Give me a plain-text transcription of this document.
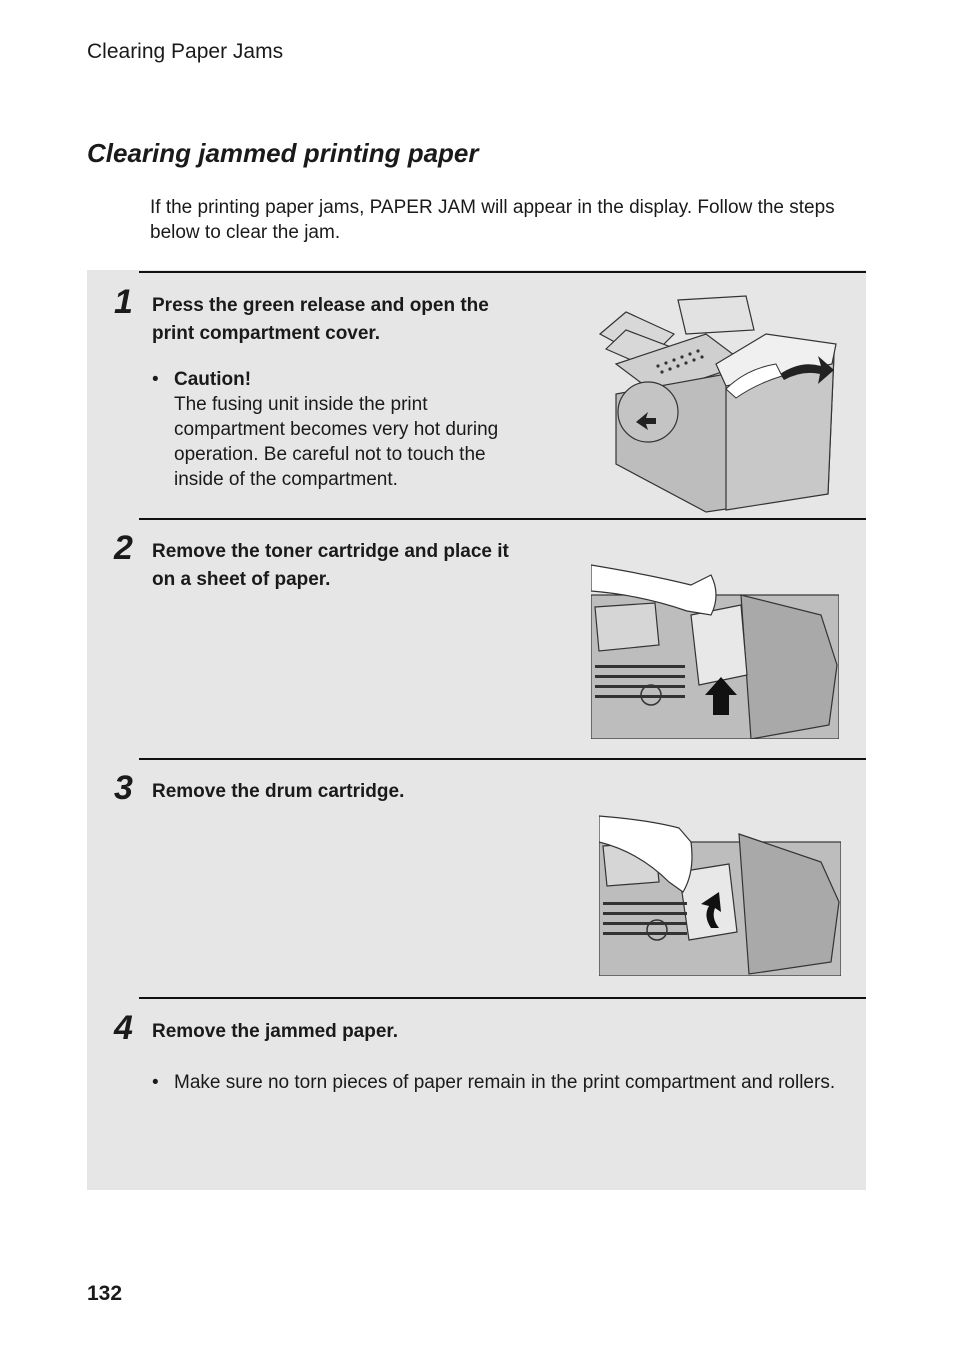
Clearing Paper Jams
Clearing jammed printing paper
If the printing paper jams, PAPER JAM will appear in the display. Follow the steps below to clear the jam.
1 Press the green release and open the print compartment cover.
• Caution!
The fusing unit inside the print compartment becomes very hot during operation. Be careful not to touch the inside of the compartment.
2 Remove the toner cartridge and place it on a sheet of paper.
3 Remove the drum cartridge.
4 Remove the jammed paper.
• Make sure no torn pieces of paper remain in the print compartment and rollers.
132
